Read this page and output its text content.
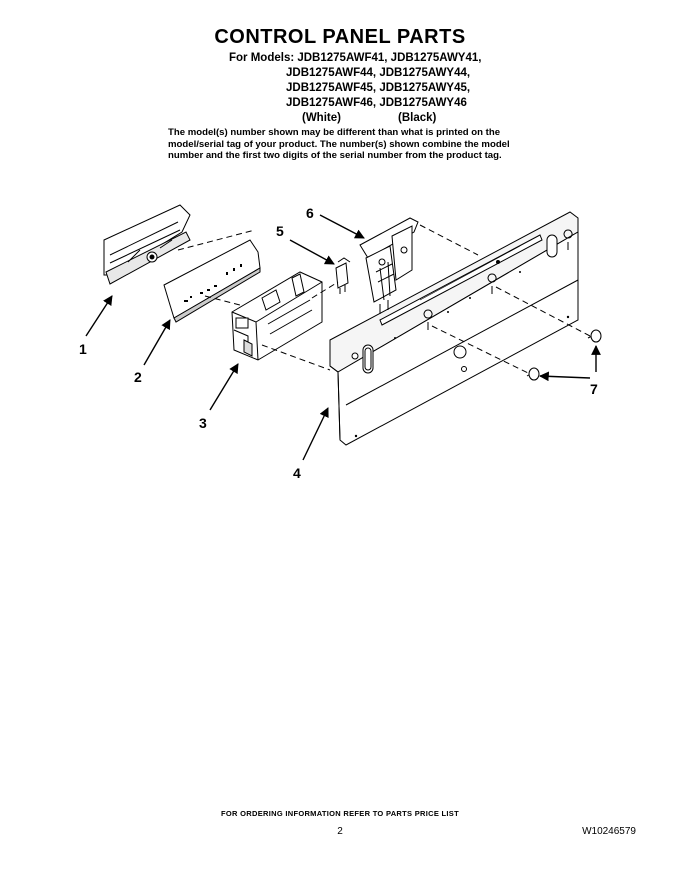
CONTROL PANEL PARTS
For Models: JDB1275AWF41, JDB1275AWY41,
JDB1275AWF44, JDB1275AWY44,
JDB1275AWF45, JDB1275AWY45,
JDB1275AWF46, JDB1275AWY46
(White)	(Black)
The model(s) number shown may be different than what is printed on the
model/serial tag of your product. The number(s) shown combine the model
number and the first two digits of the serial number from the product tag.
1
2
3
4
5
6
7
FOR ORDERING INFORMATION REFER TO PARTS PRICE LIST
2	W10246579
